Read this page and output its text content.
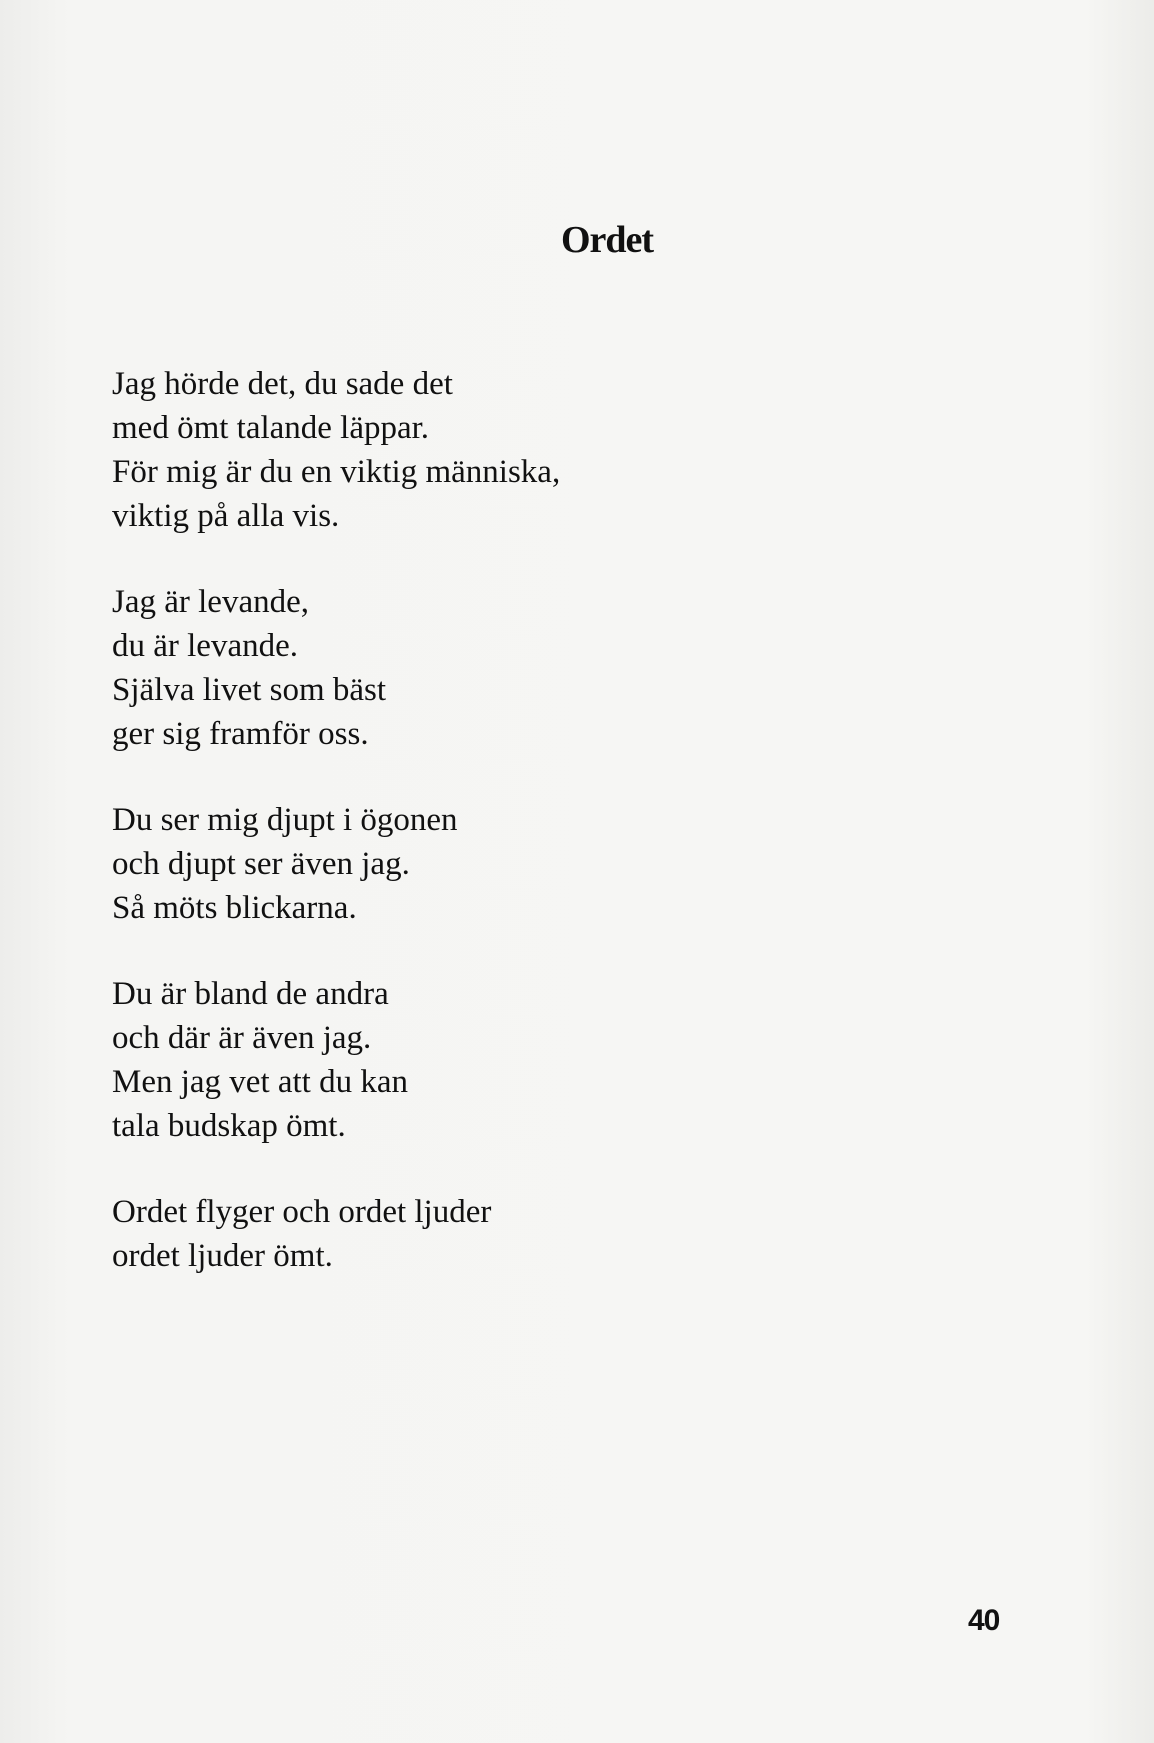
Ordet
Jag hörde det, du sade det
med ömt talande läppar.
För mig är du en viktig människa,
viktig på alla vis.
Jag är levande,
du är levande.
Själva livet som bäst
ger sig framför oss.
Du ser mig djupt i ögonen
och djupt ser även jag.
Så möts blickarna.
Du är bland de andra
och där är även jag.
Men jag vet att du kan
tala budskap ömt.
Ordet flyger och ordet ljuder
ordet ljuder ömt.
40
